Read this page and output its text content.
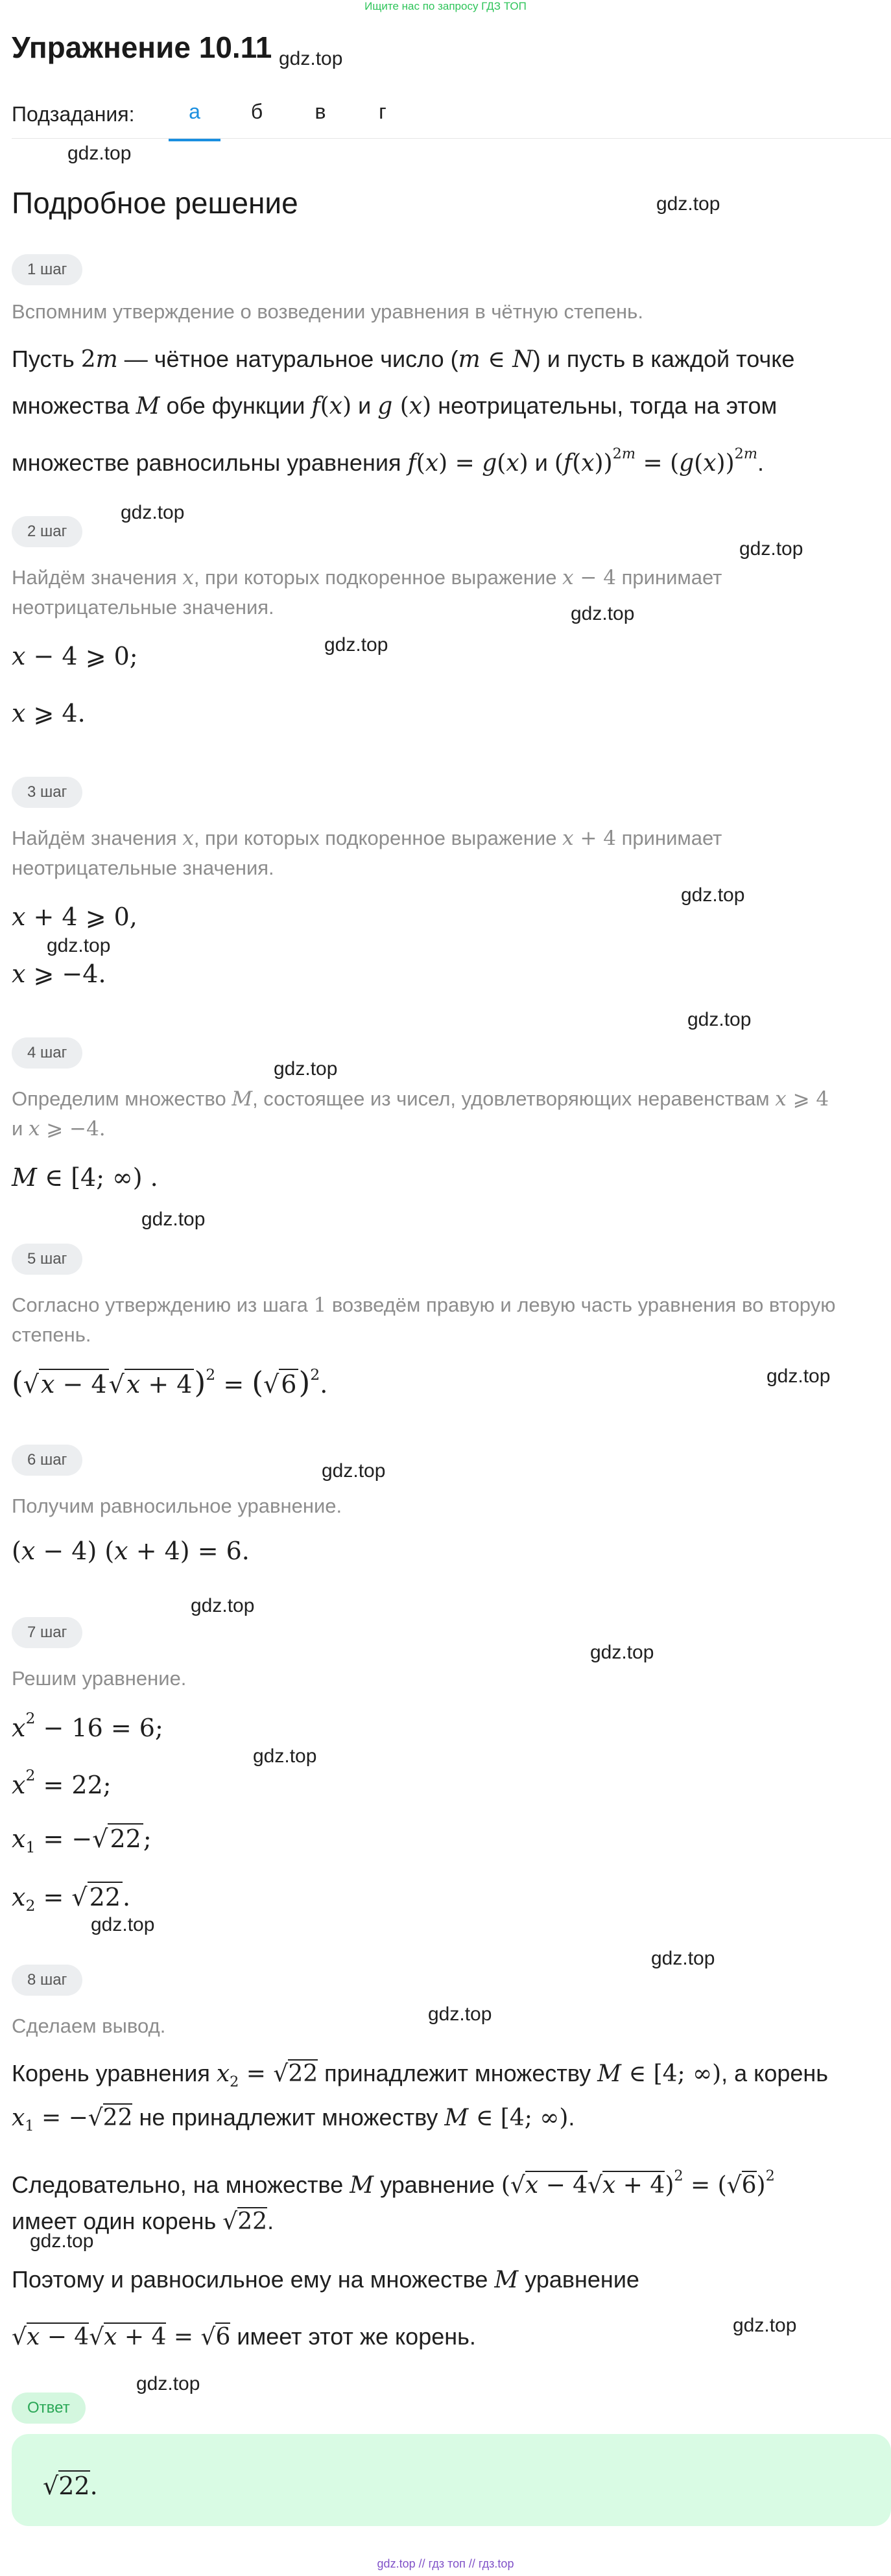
Ищите нас по запросу ГДЗ ТОП
Упражнение 10.11 gdz.top
gdz.top
gdz.top
gdz.top
gdz.top
gdz.top
gdz.top
gdz.top
gdz.top
gdz.top
gdz.top
gdz.top
gdz.top
gdz.top
gdz.top
gdz.top
gdz.top
gdz.top
gdz.top
gdz.top
gdz.top
gdz.top
gdz.top
Подзадания:	а	б	в	г
Подробное решение
1 шаг
Вспомним утверждение о возведении уравнения в чётную степень.
Пусть 2m — чётное натуральное число (m ∈ N) и пусть в каждой точке
множества M обе функции f(x) и g (x) неотрицательны, тогда на этом
множестве равносильны уравнения f(x) = g(x) и $(f(x))^{2m} = (g(x))^{2m}$.
2 шаг
Найдём значения x, при которых подкоренное выражение x − 4 принимает
неотрицательные значения.
x − 4 ⩾ 0;
x ⩾ 4.
3 шаг
Найдём значения x, при которых подкоренное выражение x + 4 принимает
неотрицательные значения.
x + 4 ⩾ 0,
x ⩾ −4.
4 шаг
Определим множество M, состоящее из чисел, удовлетворяющих неравенствам x ⩾ 4
и x ⩾ −4.
M ∈ [4; ∞) .
5 шаг
Согласно утверждению из шага 1 возведём правую и левую часть уравнения во вторую
степень.
$(√x - 4√x + 4)^2 = (√6)^2$.
6 шаг
Получим равносильное уравнение.
(x − 4) (x + 4) = 6.
7 шаг
Решим уравнение.
$x^2 - 16 = 6$;
$x^2 = 22$;
$x_1 = -√22$;
$x_2 = √22$.
8 шаг
Сделаем вывод.
Корень уравнения $x_2 = √22$ принадлежит множеству M ∈ [4; ∞), а корень
$x_1 = -√22$ не принадлежит множеству M ∈ [4; ∞).
Следовательно, на множестве M уравнение $(√x - 4√x + 4)^2 = (√6)^2$
имеет один корень √22.
Поэтому и равносильное ему на множестве M уравнение
√x − 4√x + 4 = √6 имеет этот же корень.
Ответ
√22.
gdz.top // гдз топ // гдз.top
